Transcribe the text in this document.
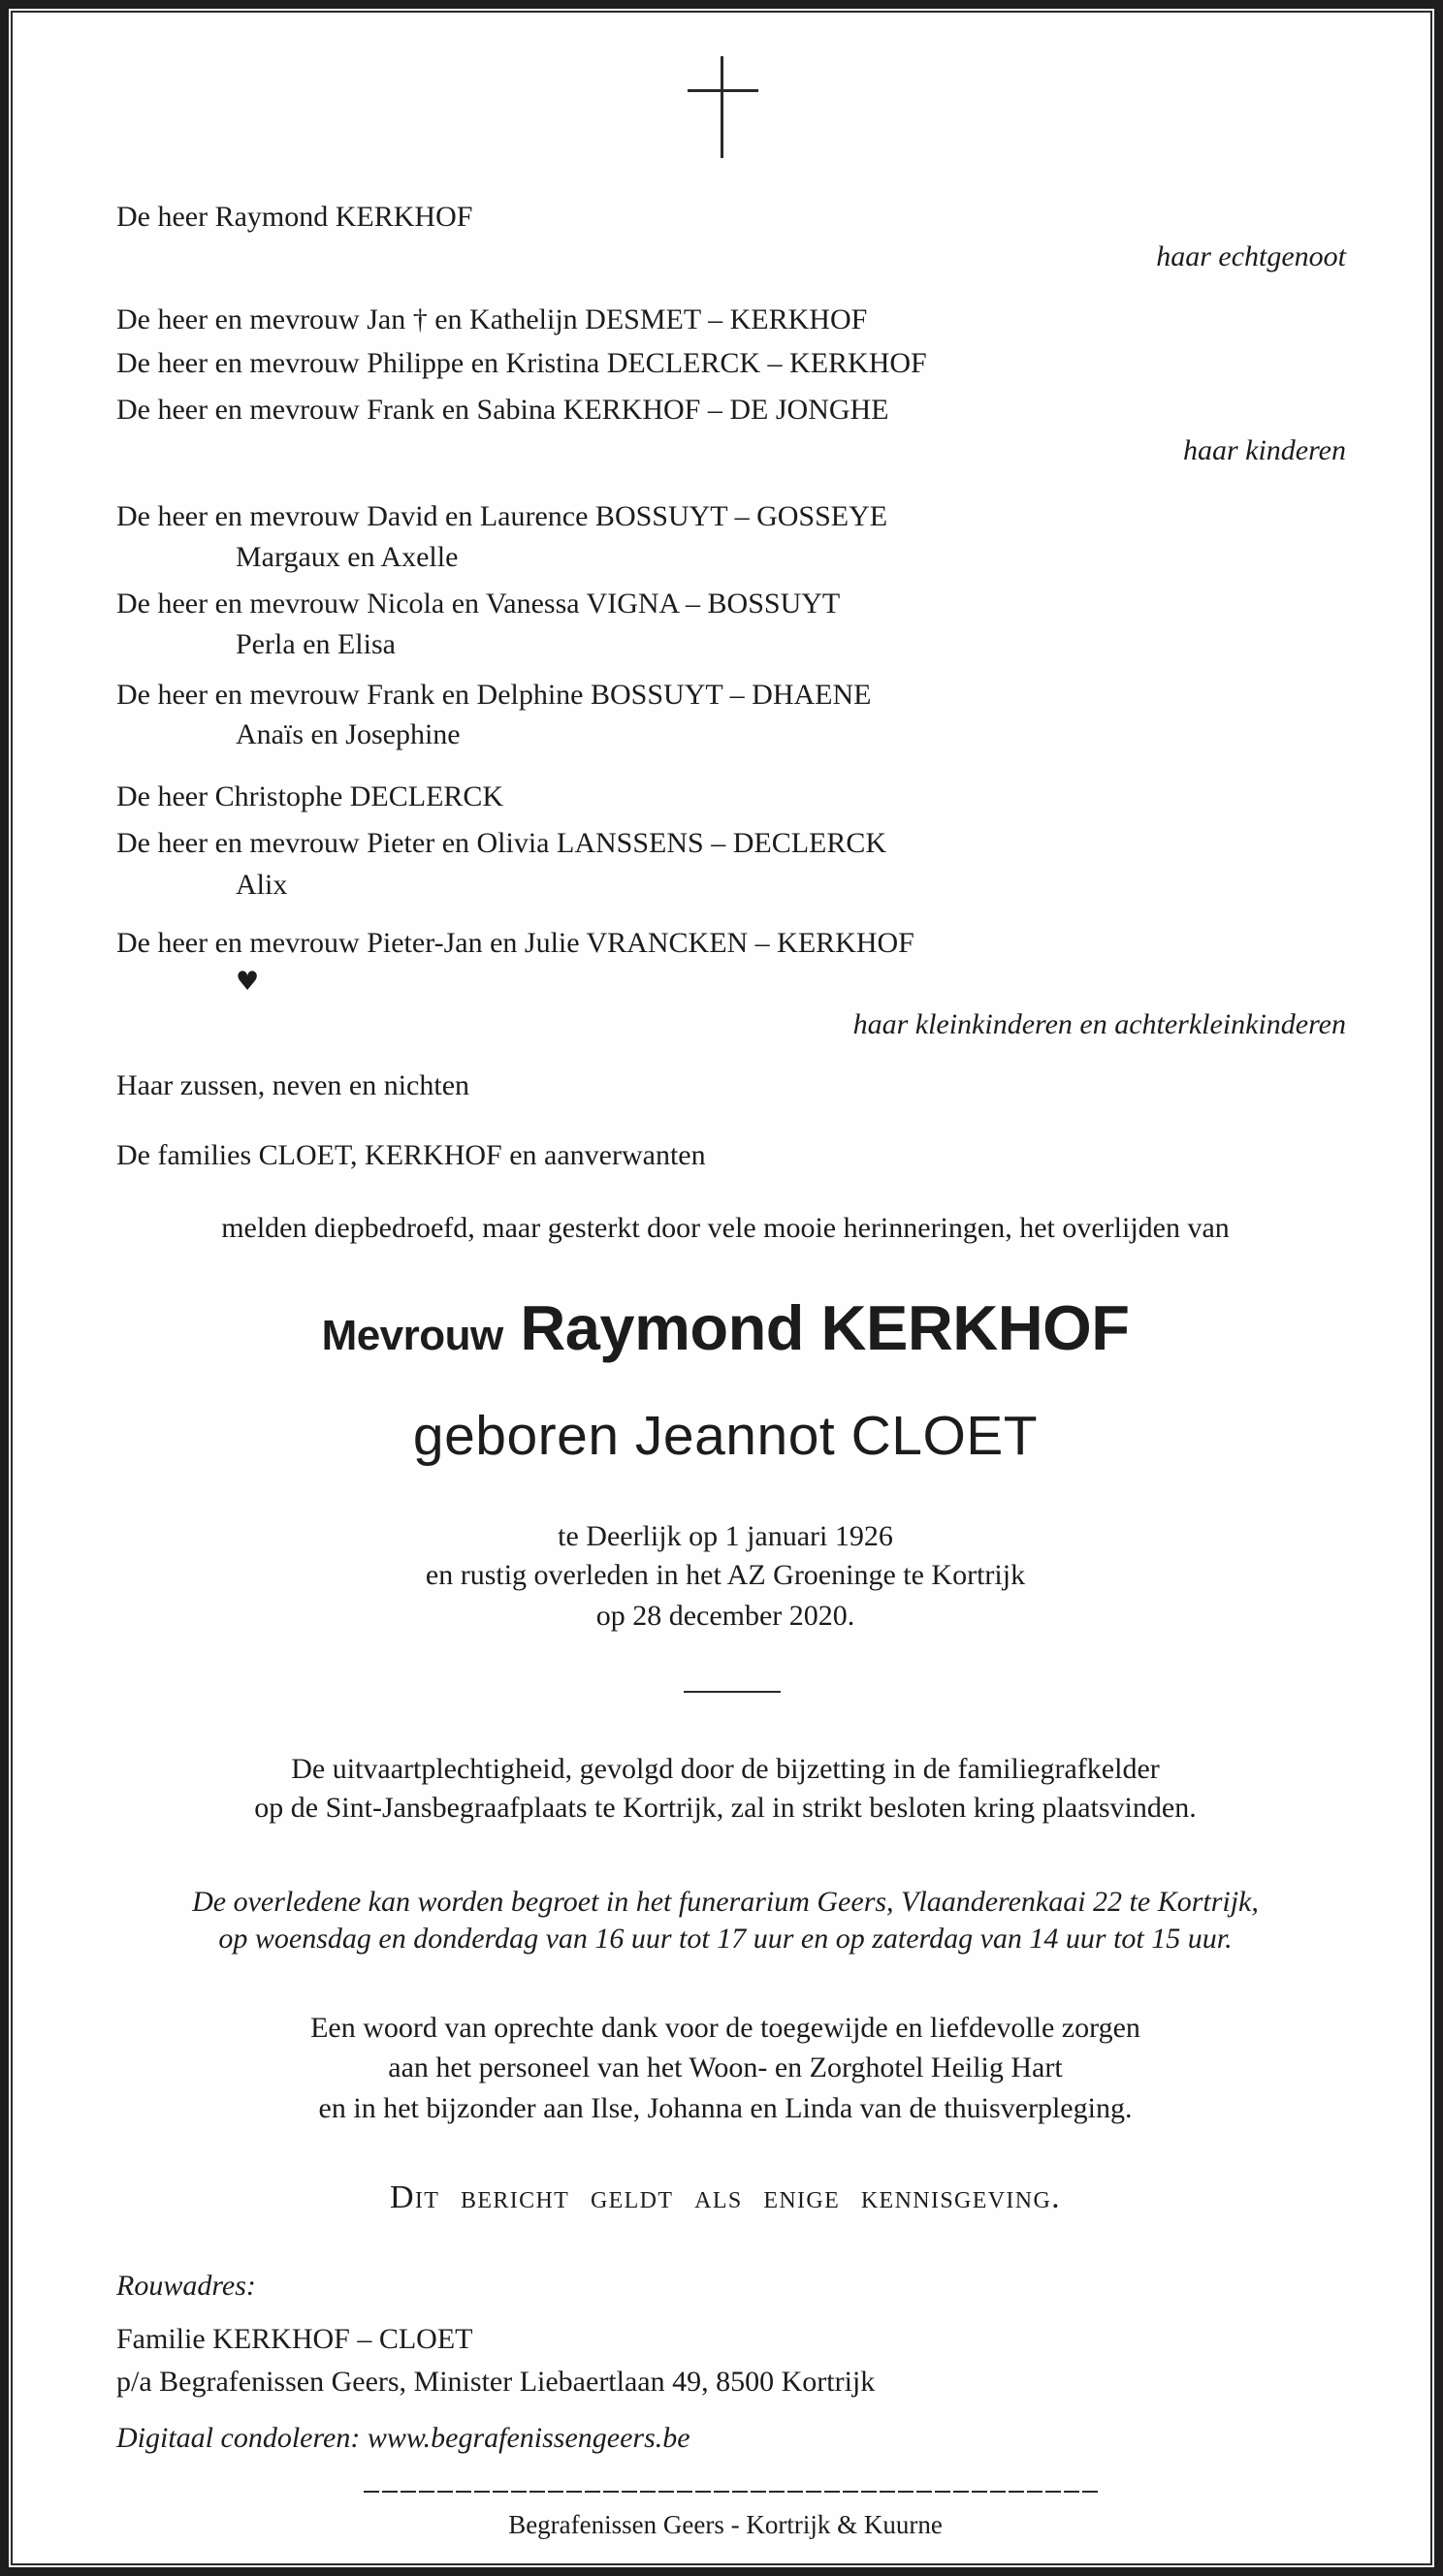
De heer Raymond KERKHOF
haar echtgenoot
De heer en mevrouw Jan † en Kathelijn DESMET – KERKHOF
De heer en mevrouw Philippe en Kristina DECLERCK – KERKHOF
De heer en mevrouw Frank en Sabina KERKHOF – DE JONGHE
haar kinderen
De heer en mevrouw David en Laurence BOSSUYT – GOSSEYE
Margaux en Axelle
De heer en mevrouw Nicola en Vanessa VIGNA – BOSSUYT
Perla en Elisa
De heer en mevrouw Frank en Delphine BOSSUYT – DHAENE
Anaïs en Josephine
De heer Christophe DECLERCK
De heer en mevrouw Pieter en Olivia LANSSENS – DECLERCK
Alix
De heer en mevrouw Pieter-Jan en Julie VRANCKEN – KERKHOF
♥
haar kleinkinderen en achterkleinkinderen
Haar zussen, neven en nichten
De families CLOET, KERKHOF en aanverwanten
melden diepbedroefd, maar gesterkt door vele mooie herinneringen, het overlijden van
Mevrouw Raymond KERKHOF
geboren Jeannot CLOET
te Deerlijk op 1 januari 1926
en rustig overleden in het AZ Groeninge te Kortrijk
op 28 december 2020.
De uitvaartplechtigheid, gevolgd door de bijzetting in de familiegrafkelder
op de Sint-Jansbegraafplaats te Kortrijk, zal in strikt besloten kring plaatsvinden.
De overledene kan worden begroet in het funerarium Geers, Vlaanderenkaai 22 te Kortrijk,
op woensdag en donderdag van 16 uur tot 17 uur en op zaterdag van 14 uur tot 15 uur.
Een woord van oprechte dank voor de toegewijde en liefdevolle zorgen
aan het personeel van het Woon- en Zorghotel Heilig Hart
en in het bijzonder aan Ilse, Johanna en Linda van de thuisverpleging.
Dit bericht geldt als enige kennisgeving.
Rouwadres:
Familie KERKHOF – CLOET
p/a Begrafenissen Geers, Minister Liebaertlaan 49, 8500 Kortrijk
Digitaal condoleren: www.begrafenissengeers.be
Begrafenissen Geers - Kortrijk & Kuurne
